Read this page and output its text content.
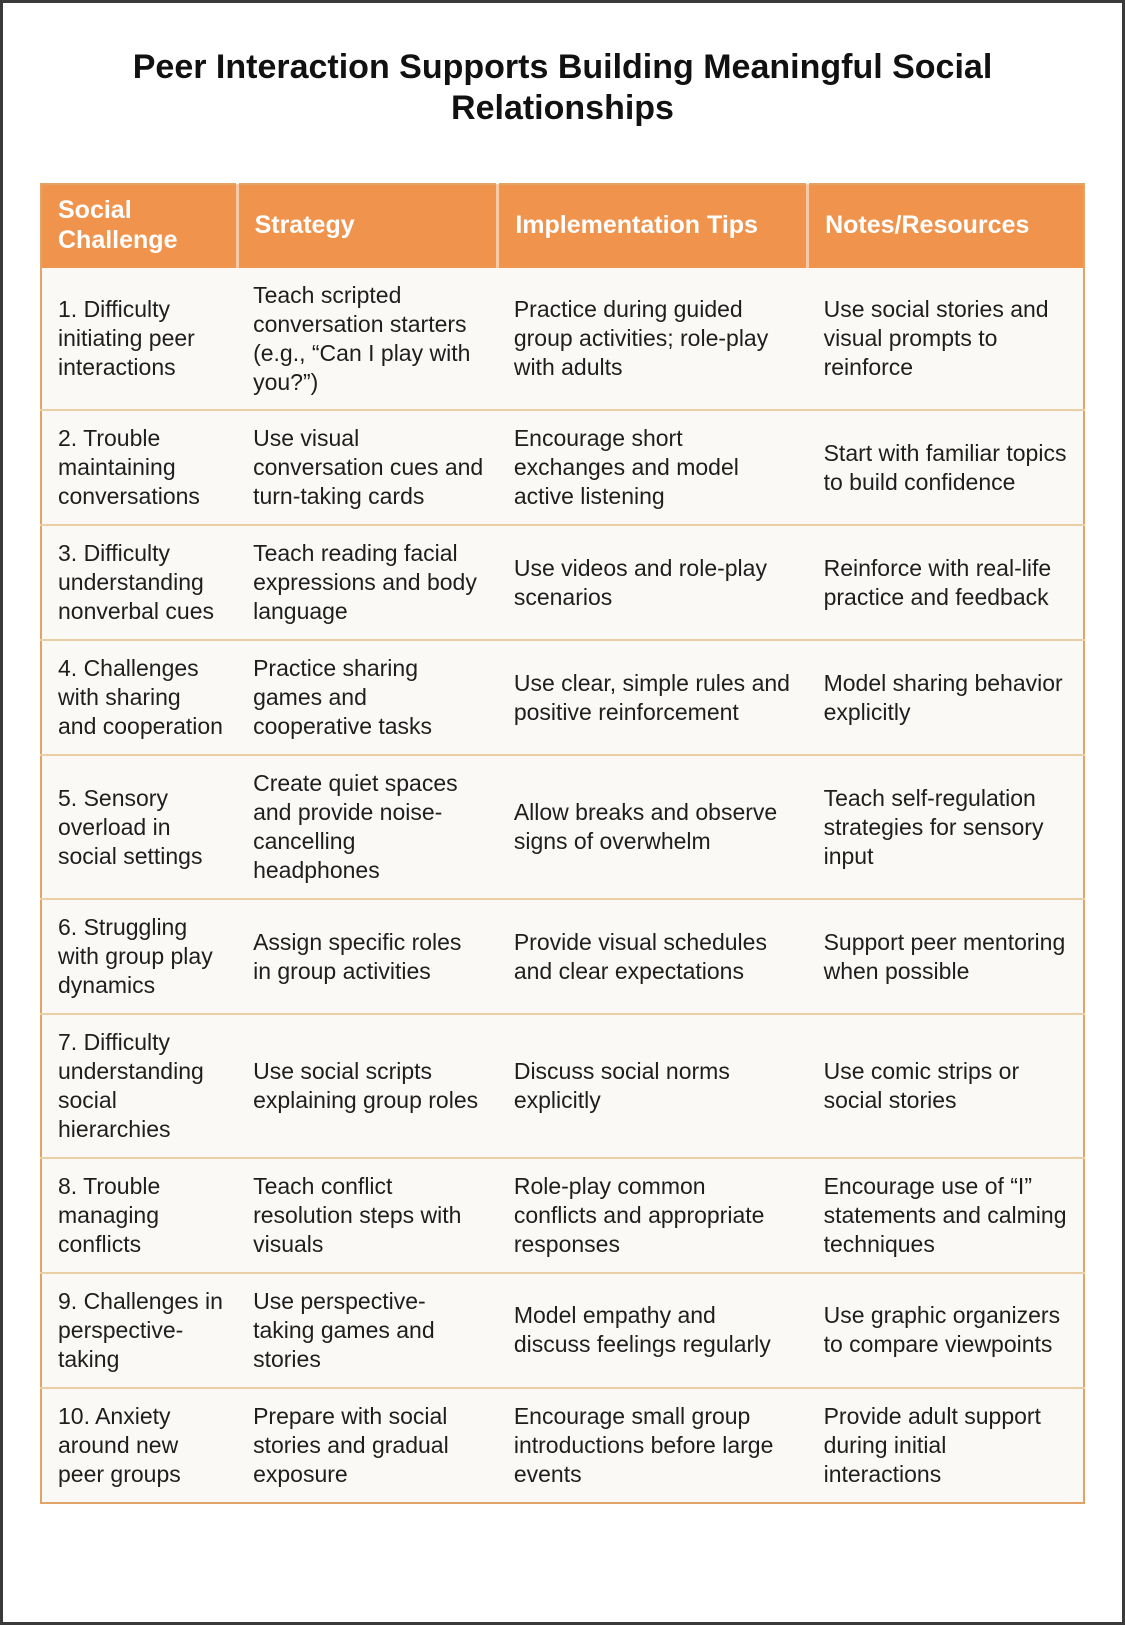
Peer Interaction Supports Building Meaningful Social Relationships
Social Challenge	Strategy	Implementation Tips	Notes/Resources
1. Difficulty initiating peer interactions	Teach scripted conversation starters (e.g., “Can I play with you?”)	Practice during guided group activities; role-play with adults	Use social stories and visual prompts to reinforce
2. Trouble maintaining conversations	Use visual conversation cues and turn-taking cards	Encourage short exchanges and model active listening	Start with familiar topics to build confidence
3. Difficulty understanding nonverbal cues	Teach reading facial expressions and body language	Use videos and role-play scenarios	Reinforce with real-life practice and feedback
4. Challenges with sharing and cooperation	Practice sharing games and cooperative tasks	Use clear, simple rules and positive reinforcement	Model sharing behavior explicitly
5. Sensory overload in social settings	Create quiet spaces and provide noise-cancelling headphones	Allow breaks and observe signs of overwhelm	Teach self-regulation strategies for sensory input
6. Struggling with group play dynamics	Assign specific roles in group activities	Provide visual schedules and clear expectations	Support peer mentoring when possible
7. Difficulty understanding social hierarchies	Use social scripts explaining group roles	Discuss social norms explicitly	Use comic strips or social stories
8. Trouble managing conflicts	Teach conflict resolution steps with visuals	Role-play common conflicts and appropriate responses	Encourage use of “I” statements and calming techniques
9. Challenges in perspective-taking	Use perspective-taking games and stories	Model empathy and discuss feelings regularly	Use graphic organizers to compare viewpoints
10. Anxiety around new peer groups	Prepare with social stories and gradual exposure	Encourage small group introductions before large events	Provide adult support during initial interactions
